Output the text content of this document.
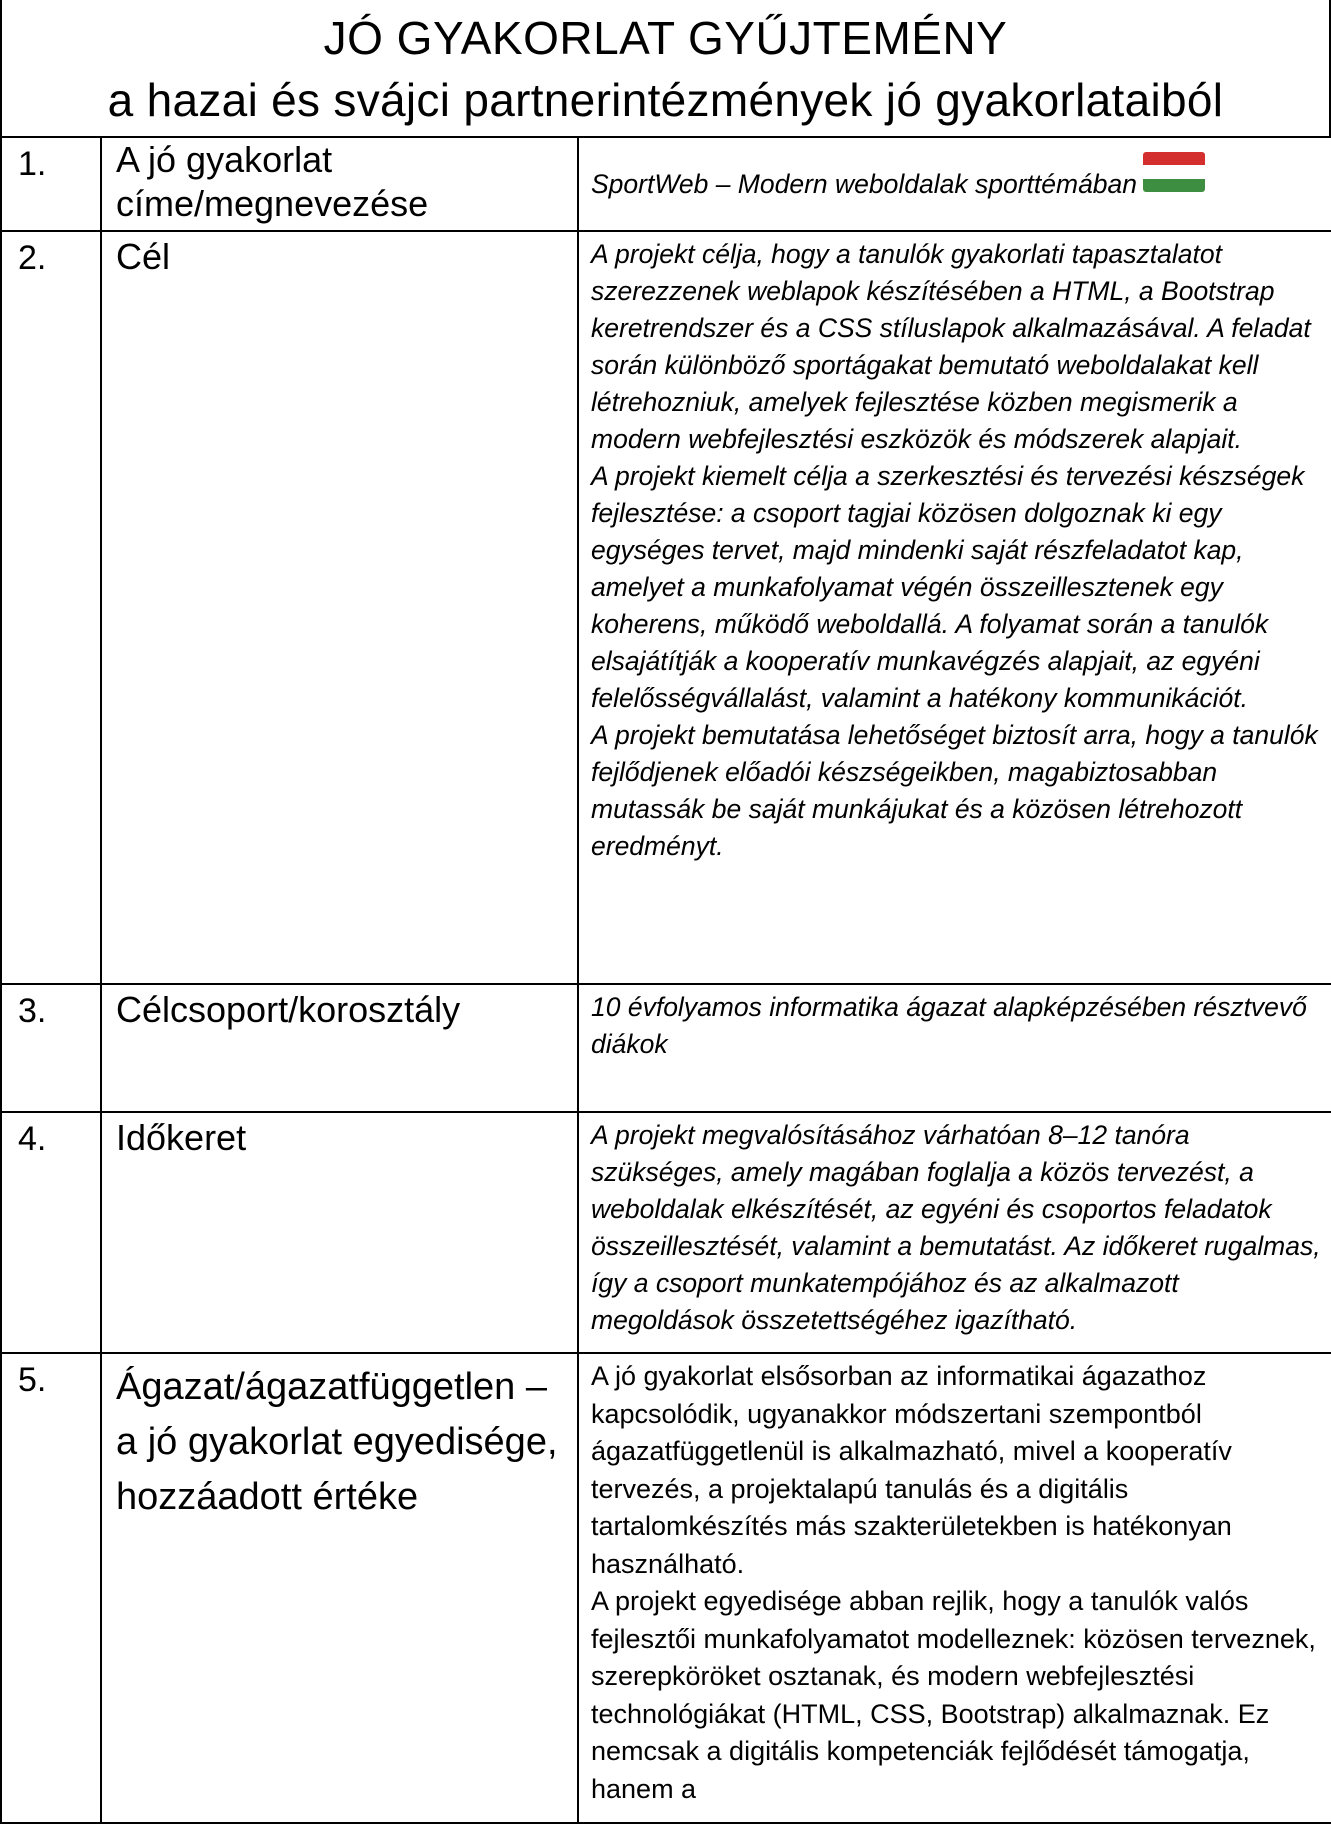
JÓ GYAKORLAT GYŰJTEMÉNY
a hazai és svájci partnerintézmények jó gyakorlataiból
1.	A jó gyakorlat címe/megnevezése	SportWeb – Modern weboldalak sporttémában

2.	Cél	A projekt célja, hogy a tanulók gyakorlati tapasztalatot szerezzenek weblapok készítésében a HTML, a Bootstrap keretrendszer és a CSS stíluslapok alkalmazásával. A feladat során különböző sportágakat bemutató weboldalakat kell létrehozniuk, amelyek fejlesztése közben megismerik a modern webfejlesztési eszközök és módszerek alapjait.

A projekt kiemelt célja a szerkesztési és tervezési készségek fejlesztése: a csoport tagjai közösen dolgoznak ki egy egységes tervet, majd mindenki saját részfeladatot kap, amelyet a munkafolyamat végén összeillesztenek egy koherens, működő weboldallá. A folyamat során a tanulók elsajátítják a kooperatív munkavégzés alapjait, az egyéni felelősségvállalást, valamint a hatékony kommunikációt.

A projekt bemutatása lehetőséget biztosít arra, hogy a tanulók fejlődjenek előadói készségeikben, magabiztosabban mutassák be saját munkájukat és a közösen létrehozott eredményt.

3.	Célcsoport/korosztály	10 évfolyamos informatika ágazat alapképzésében résztvevő diákok
4.	Időkeret	A projekt megvalósításához várhatóan 8–12 tanóra szükséges, amely magában foglalja a közös tervezést, a weboldalak elkészítését, az egyéni és csoportos feladatok összeillesztését, valamint a bemutatást. Az időkeret rugalmas, így a csoport munkatempójához és az alkalmazott megoldások összetettségéhez igazítható.
5.	Ágazat/ágazatfüggetlen – a jó gyakorlat egyedisége, hozzáadott értéke	A jó gyakorlat elsősorban az informatikai ágazathoz kapcsolódik, ugyanakkor módszertani szempontból ágazatfüggetlenül is alkalmazható, mivel a kooperatív tervezés, a projektalapú tanulás és a digitális tartalomkészítés más szakterületekben is hatékonyan használható.

A projekt egyedisége abban rejlik, hogy a tanulók valós fejlesztői munkafolyamatot modelleznek: közösen terveznek, szerepköröket osztanak, és modern webfejlesztési technológiákat (HTML, CSS, Bootstrap) alkalmaznak. Ez nemcsak a digitális kompetenciák fejlődését támogatja, hanem a
